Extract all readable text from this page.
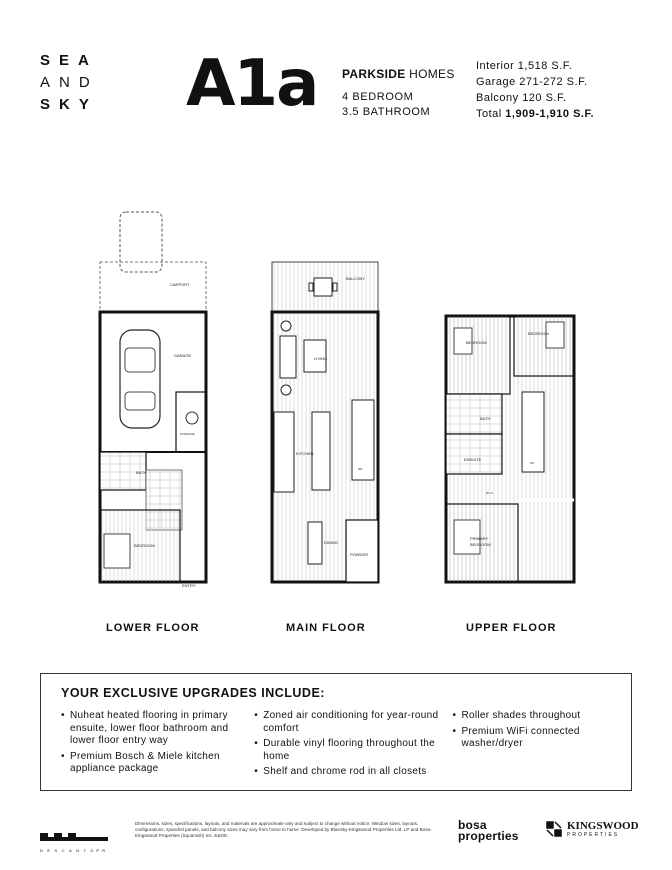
SEA
AND
SKY A1a PARKSIDE HOMES
4 BEDROOM
3.5 BATHROOM
Interior 1,518 S.F.
Garage 271-272 S.F.
Balcony 120 S.F.
Total 1,909-1,910 S.F.
CARPORT
GARAGE
BATH
BEDROOM
STORAGE
ENTRY
BALCONY
LIVING
KITCHEN
DINING
POWDER
BEDROOM
BEDROOM
BATH
ENSUITE
PRIMARY
BEDROOM
W.I.C
UP
DN
LOWER FLOOR	MAIN FLOOR	UPPER FLOOR
YOUR EXCLUSIVE UPGRADES INCLUDE:
• Nuheat heated flooring in primary ensuite, lower floor bathroom and lower floor entry way
• Premium Bosch & Miele kitchen appliance package
• Zoned air conditioning for year-round comfort
• Durable vinyl flooring throughout the home
• Shelf and chrome rod in all closets
• Roller shades throughout
• Premium WiFi connected washer/dryer
D E S C A N T DPR
Dimensions, sizes, specifications, layouts, and materials are approximate only and subject to change without notice. Window sizes, layouts, configurations, spandrel panels, and balcony sizes may vary from home to home. Developed by BlueSky-Kingswood Properties Ltd. LP and Bosa-Kingswood Properties (Squamish) Inc. E&OE.
bosa
properties
KINGSWOOD
PROPERTIES
